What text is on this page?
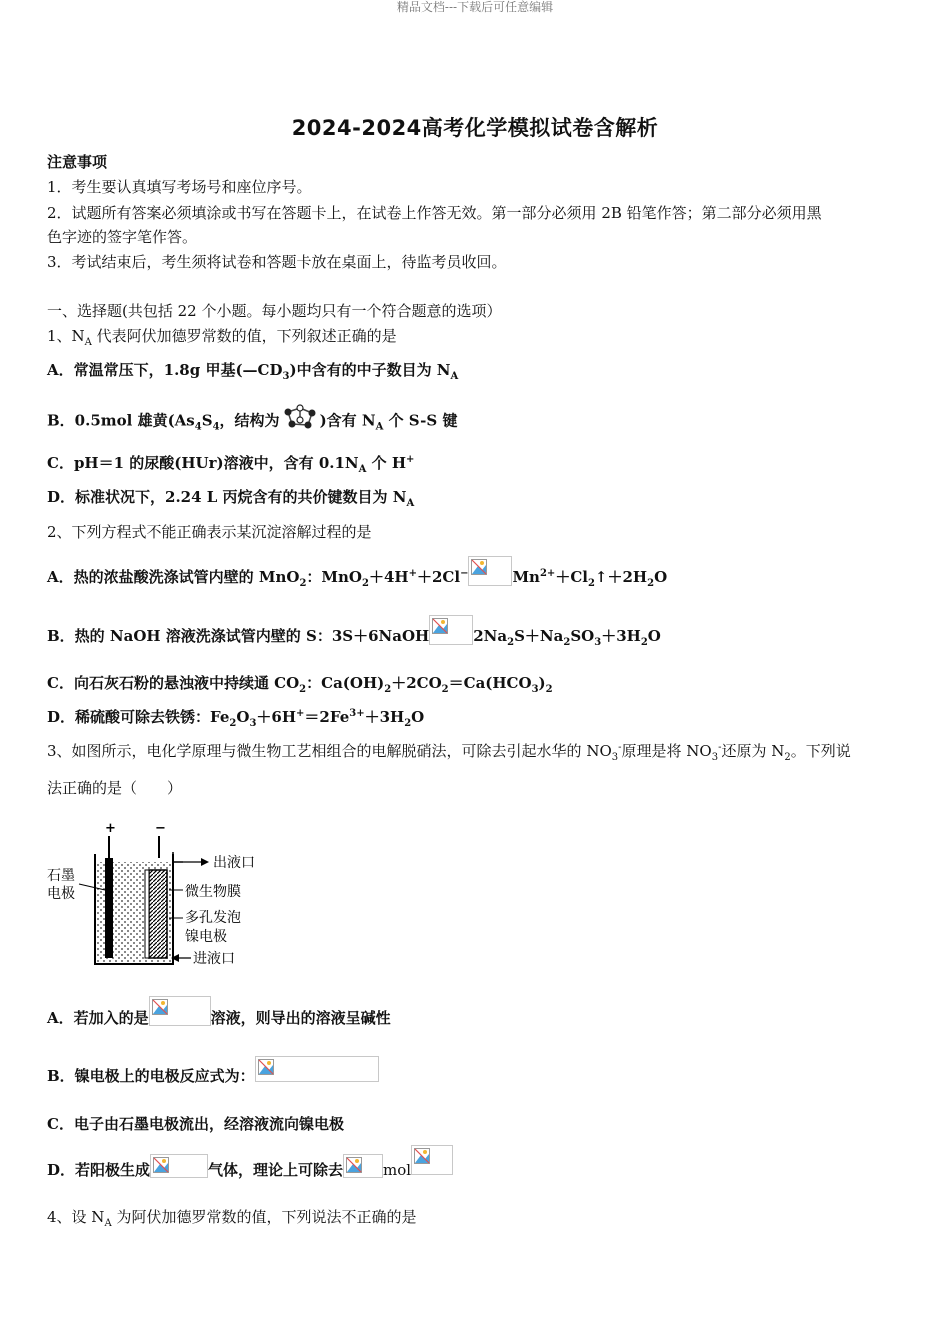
精品文档---下载后可任意编辑
2024-2024高考化学模拟试卷含解析
注意事项
1．考生要认真填写考场号和座位序号。
2．试题所有答案必须填涂或书写在答题卡上，在试卷上作答无效。第一部分必须用 2B 铅笔作答；第二部分必须用黑
色字迹的签字笔作答。
3．考试结束后，考生须将试卷和答题卡放在桌面上，待监考员收回。
一、选择题(共包括 22 个小题。每小题均只有一个符合题意的选项）
1、$N_A$ 代表阿伏加德罗常数的值，下列叙述正确的是
A．常温常压下，1.8g 甲基$(—CD_3)$中含有的中子数目为 $N_A$
B．0.5mol 雄黄($As_4S_4$，结构为	)含有 $N_A$ 个 S-S 键
C．pH＝1 的尿酸(HUr)溶液中，含有 $0.1N_A$ 个 H+
D．标准状况下，2.24 L 丙烷含有的共价键数目为 $N_A$
2、下列方程式不能正确表示某沉淀溶解过程的是
A．热的浓盐酸洗涤试管内壁的 MnO$_2$：MnO$_2$＋4H+＋2Cl−	$Mn^{2+}+Cl_2↑+2H_2O$
B．热的 NaOH 溶液洗涤试管内壁的 S：3S＋6NaOH	$2Na_2S+Na_2SO_3+3H_2O$
C．向石灰石粉的悬浊液中持续通 $CO_2$：$Ca(OH)_2+2CO_2=Ca(HCO_3)_2$
D．稀硫酸可除去铁锈：$Fe_2O_3+6H^+=2Fe^{3+}+3H_2O$
3、如图所示，电化学原理与微生物工艺相组合的电解脱硝法，可除去引起水华的 $NO_3^-$原理是将 $NO_3^-$还原为 $N_2$。下列说
法正确的是（　　）
+	−
出液口
微生物膜
多孔发泡
镍电极
进液口
石墨
电极
A．若加入的是	溶液，则导出的溶液呈碱性
B．镍电极上的电极反应式为：
C．电子由石墨电极流出，经溶液流向镍电极
D．若阳极生成	气体，理论上可除去	mol
4、设 $N_A$ 为阿伏加德罗常数的值，下列说法不正确的是
